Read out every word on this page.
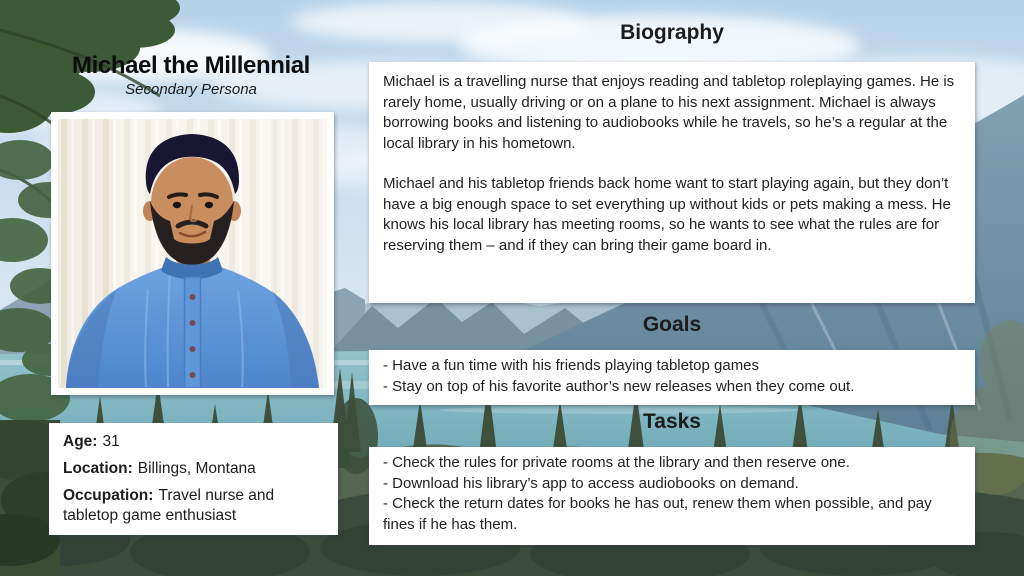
Michael the Millennial
Secondary Persona

Age: 31

Location: Billings, Montana

Occupation: Travel nurse and tabletop game enthusiast

Biography

Michael is a travelling nurse that enjoys reading and tabletop roleplaying games. He is rarely home, usually driving or on a plane to his next assignment. Michael is always borrowing books and listening to audiobooks while he travels, so he’s a regular at the local library in his hometown.

Michael and his tabletop friends back home want to start playing again, but they don’t have a big enough space to set everything up without kids or pets making a mess. He knows his local library has meeting rooms, so he wants to see what the rules are for reserving them – and if they can bring their game board in.

Goals

- Have a fun time with his friends playing tabletop games

- Stay on top of his favorite author’s new releases when they come out.

Tasks

- Check the rules for private rooms at the library and then reserve one.

- Download his library’s app to access audiobooks on demand.

- Check the return dates for books he has out, renew them when possible, and pay fines if he has them.
